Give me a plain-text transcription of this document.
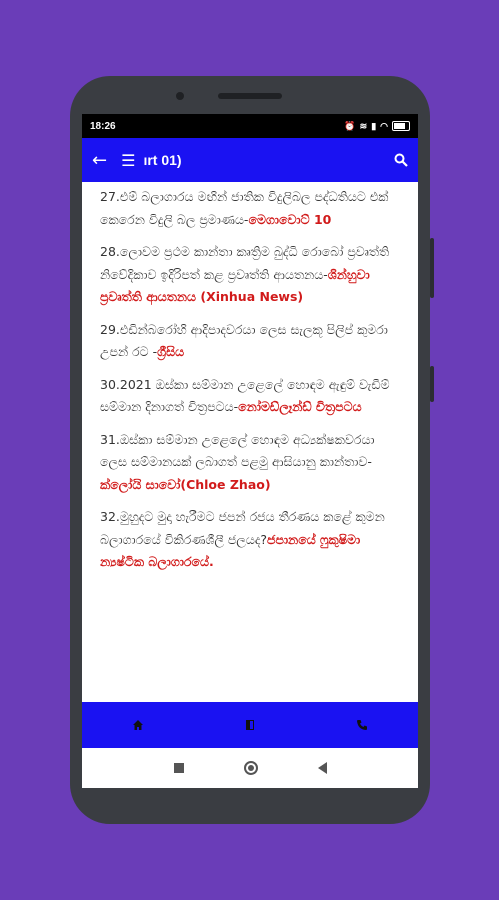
18:26	⏰ ≋ ▮ ◠
← ☰ ırt 01)

27.එම් බලාගාරය මඟින් ජාතික විදුලිබල පද්ධතියට එක් කෙරෙන විදුලි බල ප්‍රමාණය-මෙගාවොට් 10

28.ලොවම ප්‍රථම කාන්තා කෘත්‍රිම බුද්ධි රොබෝ ප්‍රවෘත්ති නිවේදිකාව ඉදිරිපත් කළ ප්‍රවෘත්ති ආයතනය-ශින්හුවා ප්‍රවෘත්ති ආයතනය (Xinhua News)

29.එඩින්බරෝහි ආදිපාදවරයා ලෙස සැලකූ පිලිප් කුමරා උපන් රට -ග්‍රීසිය

30.2021 ඔස්කා සම්මාන උළෙලේ හොඳම ඇඳුම් වැඩීම් සම්මාන දිනාගත් චිත්‍රපටය-නෝමඩ්ලෑන්ඩ් චිත්‍රපටය

31.ඔස්කා සම්මාන උළෙලේ හොඳම අධ්‍යක්ෂකවරයා ලෙස සම්මානයක් ලබාගත් පළමු ආසියානු කාන්තාව-ක්ලෝයි සාවෝ(Chloe Zhao)

32.මුහුදට මුදා හැරීමට ජපන් රජය තීරණය කළේ කුමන බලාගාරයේ විකිරණශීලී ජලයද?ජපානයේ ෆුකුෂිමා න්‍යෂ්ටික බලාගාරයේ.
